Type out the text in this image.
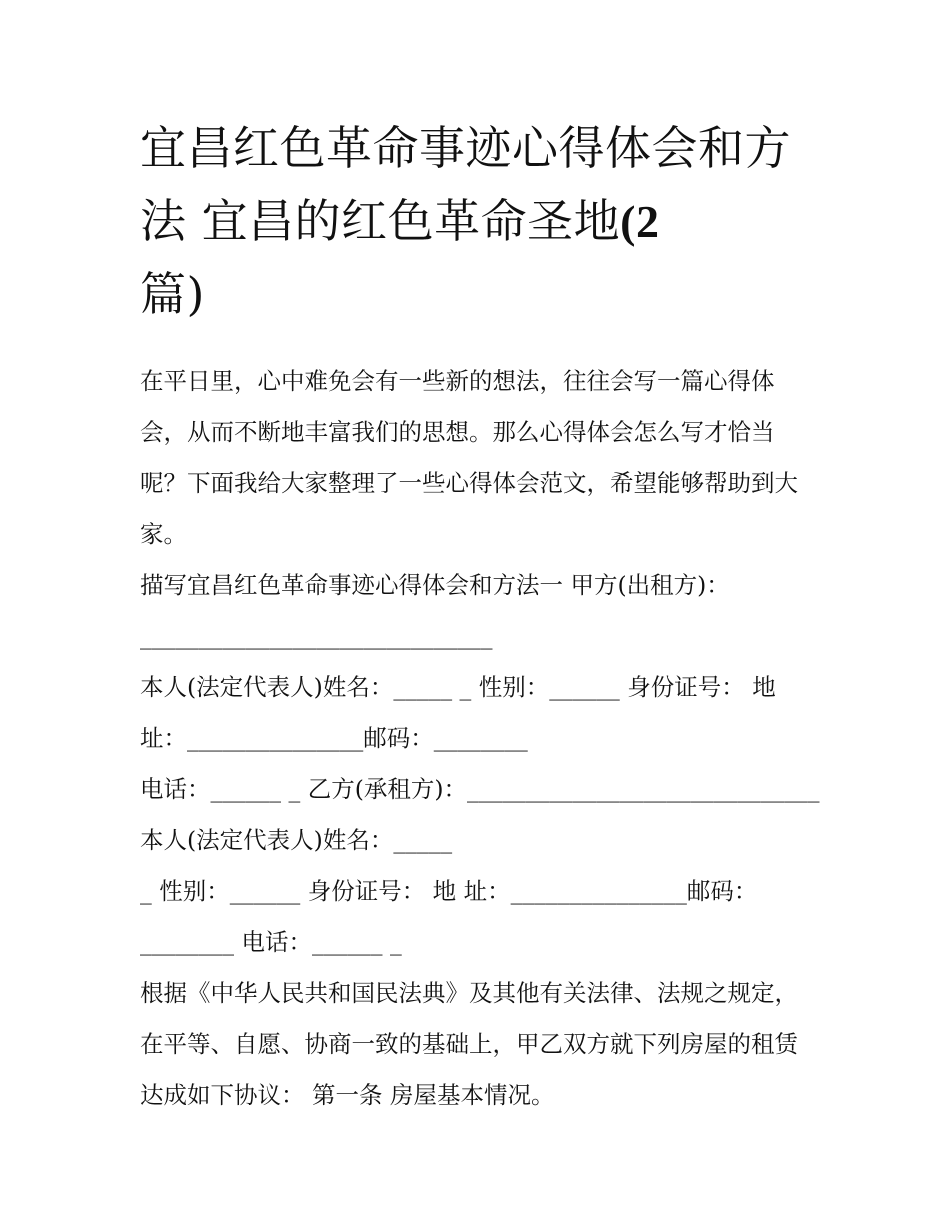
宜昌红色革命事迹心得体会和方法 宜昌的红色革命圣地(2
篇)

在平日里，心中难免会有一些新的想法，往往会写一篇心得体会，从而不断地丰富我们的思想。那么心得体会怎么写才恰当呢？下面我给大家整理了一些心得体会范文，希望能够帮助到大家。

描写宜昌红色革命事迹心得体会和方法一 甲方(出租方)：

______________________________

本人(法定代表人)姓名：_____ _ 性别：______ 身份证号： 地址：_______________邮码：________

电话：______ _ 乙方(承租方)：______________________________

本人(法定代表人)姓名：_____

_ 性别：______ 身份证号： 地 址：_______________邮码：________ 电话：______ _

根据《中华人民共和国民法典》及其他有关法律、法规之规定，在平等、自愿、协商一致的基础上，甲乙双方就下列房屋的租赁达成如下协议： 第一条 房屋基本情况。
